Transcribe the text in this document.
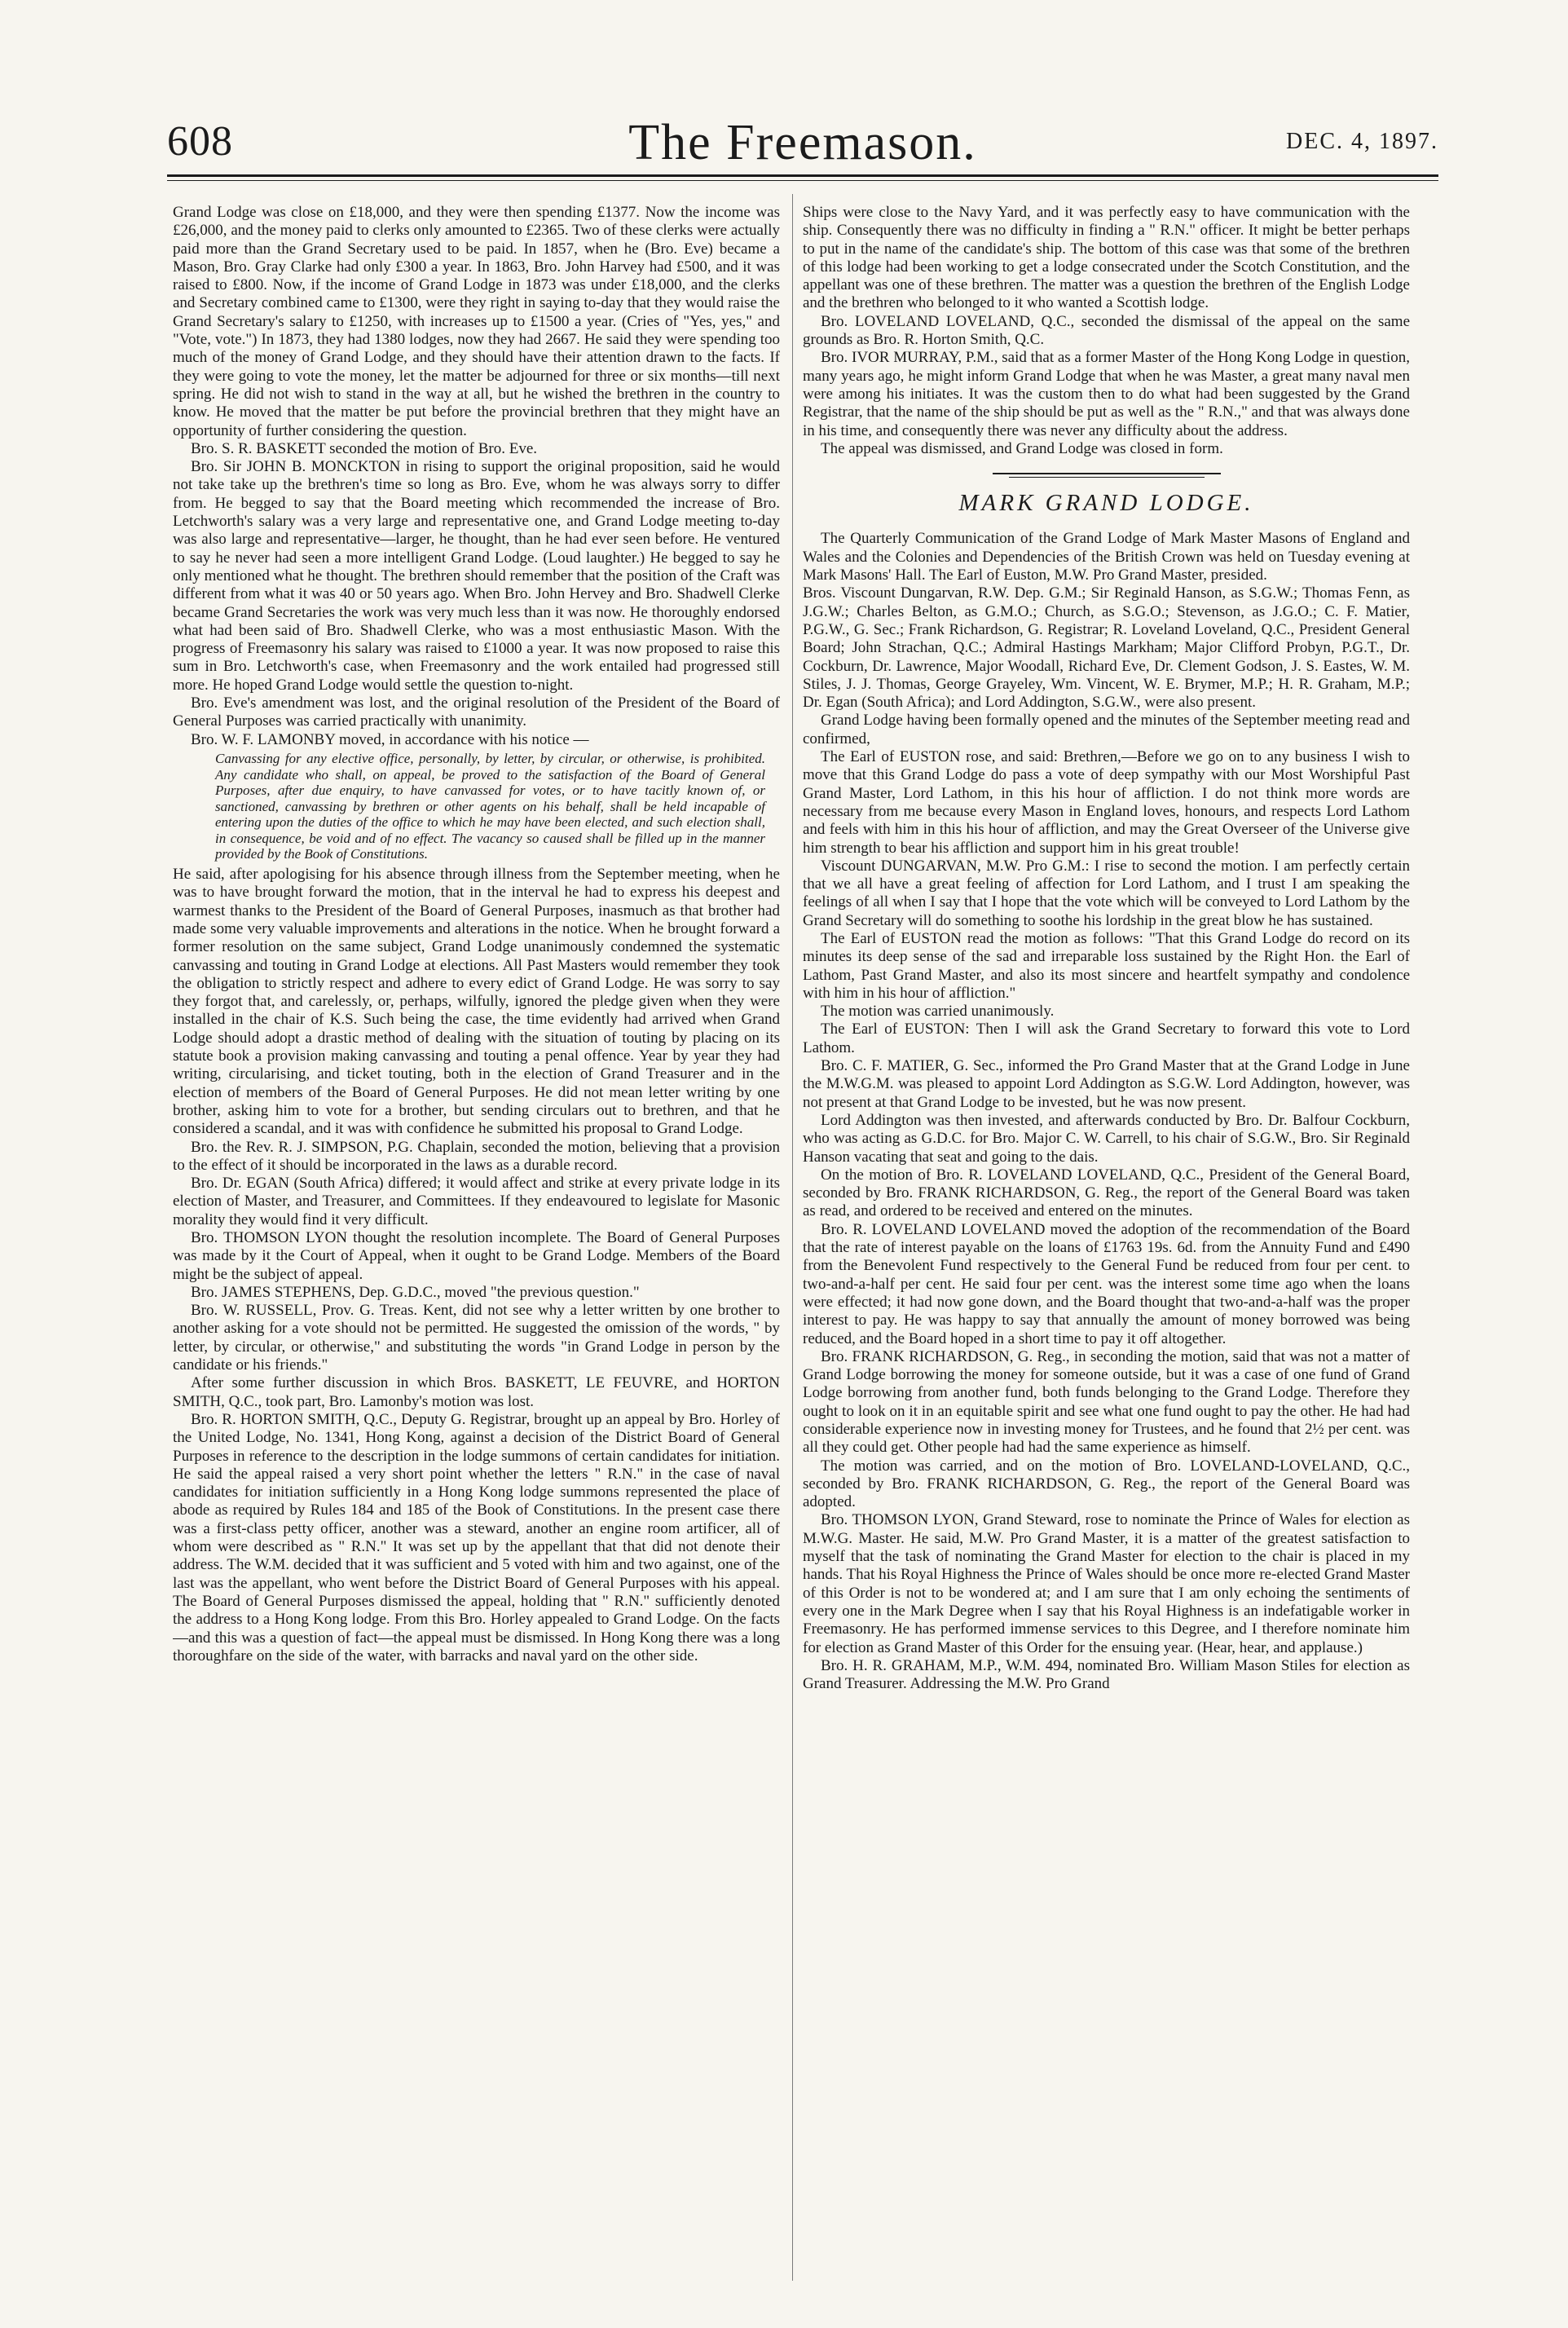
608	The Freemason.	DEC. 4, 1897.

Grand Lodge was close on £18,000, and they were then spending £1377. Now the income was £26,000, and the money paid to clerks only amounted to £2365. Two of these clerks were actually paid more than the Grand Secretary used to be paid. In 1857, when he (Bro. Eve) became a Mason, Bro. Gray Clarke had only £300 a year. In 1863, Bro. John Harvey had £500, and it was raised to £800. Now, if the income of Grand Lodge in 1873 was under £18,000, and the clerks and Secretary combined came to £1300, were they right in saying to-day that they would raise the Grand Secretary's salary to £1250, with increases up to £1500 a year. (Cries of "Yes, yes," and "Vote, vote.") In 1873, they had 1380 lodges, now they had 2667. He said they were spending too much of the money of Grand Lodge, and they should have their attention drawn to the facts. If they were going to vote the money, let the matter be adjourned for three or six months—till next spring. He did not wish to stand in the way at all, but he wished the brethren in the country to know. He moved that the matter be put before the provincial brethren that they might have an opportunity of further considering the question.

Bro. S. R. BASKETT seconded the motion of Bro. Eve.

Bro. Sir JOHN B. MONCKTON in rising to support the original proposition, said he would not take take up the brethren's time so long as Bro. Eve, whom he was always sorry to differ from. He begged to say that the Board meeting which recommended the increase of Bro. Letchworth's salary was a very large and representative one, and Grand Lodge meeting to-day was also large and representative—larger, he thought, than he had ever seen before. He ventured to say he never had seen a more intelligent Grand Lodge. (Loud laughter.) He begged to say he only mentioned what he thought. The brethren should remember that the position of the Craft was different from what it was 40 or 50 years ago. When Bro. John Hervey and Bro. Shadwell Clerke became Grand Secretaries the work was very much less than it was now. He thoroughly endorsed what had been said of Bro. Shadwell Clerke, who was a most enthusiastic Mason. With the progress of Freemasonry his salary was raised to £1000 a year. It was now proposed to raise this sum in Bro. Letchworth's case, when Freemasonry and the work entailed had progressed still more. He hoped Grand Lodge would settle the question to-night.

Bro. Eve's amendment was lost, and the original resolution of the President of the Board of General Purposes was carried practically with unanimity.

Bro. W. F. LAMONBY moved, in accordance with his notice —

Canvassing for any elective office, personally, by letter, by circular, or otherwise, is prohibited. Any candidate who shall, on appeal, be proved to the satisfaction of the Board of General Purposes, after due enquiry, to have canvassed for votes, or to have tacitly known of, or sanctioned, canvassing by brethren or other agents on his behalf, shall be held incapable of entering upon the duties of the office to which he may have been elected, and such election shall, in consequence, be void and of no effect. The vacancy so caused shall be filled up in the manner provided by the Book of Constitutions.

He said, after apologising for his absence through illness from the September meeting, when he was to have brought forward the motion, that in the interval he had to express his deepest and warmest thanks to the President of the Board of General Purposes, inasmuch as that brother had made some very valuable improvements and alterations in the notice. When he brought forward a former resolution on the same subject, Grand Lodge unanimously condemned the systematic canvassing and touting in Grand Lodge at elections. All Past Masters would remember they took the obligation to strictly respect and adhere to every edict of Grand Lodge. He was sorry to say they forgot that, and carelessly, or, perhaps, wilfully, ignored the pledge given when they were installed in the chair of K.S. Such being the case, the time evidently had arrived when Grand Lodge should adopt a drastic method of dealing with the situation of touting by placing on its statute book a provision making canvassing and touting a penal offence. Year by year they had writing, circularising, and ticket touting, both in the election of Grand Treasurer and in the election of members of the Board of General Purposes. He did not mean letter writing by one brother, asking him to vote for a brother, but sending circulars out to brethren, and that he considered a scandal, and it was with confidence he submitted his proposal to Grand Lodge.

Bro. the Rev. R. J. SIMPSON, P.G. Chaplain, seconded the motion, believing that a provision to the effect of it should be incorporated in the laws as a durable record.

Bro. Dr. EGAN (South Africa) differed; it would affect and strike at every private lodge in its election of Master, and Treasurer, and Committees. If they endeavoured to legislate for Masonic morality they would find it very difficult.

Bro. THOMSON LYON thought the resolution incomplete. The Board of General Purposes was made by it the Court of Appeal, when it ought to be Grand Lodge. Members of the Board might be the subject of appeal.

Bro. JAMES STEPHENS, Dep. G.D.C., moved "the previous question."

Bro. W. RUSSELL, Prov. G. Treas. Kent, did not see why a letter written by one brother to another asking for a vote should not be permitted. He suggested the omission of the words, " by letter, by circular, or otherwise," and substituting the words "in Grand Lodge in person by the candidate or his friends."

After some further discussion in which Bros. BASKETT, LE FEUVRE, and HORTON SMITH, Q.C., took part, Bro. Lamonby's motion was lost.

Bro. R. HORTON SMITH, Q.C., Deputy G. Registrar, brought up an appeal by Bro. Horley of the United Lodge, No. 1341, Hong Kong, against a decision of the District Board of General Purposes in reference to the description in the lodge summons of certain candidates for initiation. He said the appeal raised a very short point whether the letters " R.N." in the case of naval candidates for initiation sufficiently in a Hong Kong lodge summons represented the place of abode as required by Rules 184 and 185 of the Book of Constitutions. In the present case there was a first-class petty officer, another was a steward, another an engine room artificer, all of whom were described as " R.N." It was set up by the appellant that that did not denote their address. The W.M. decided that it was sufficient and 5 voted with him and two against, one of the last was the appellant, who went before the District Board of General Purposes with his appeal. The Board of General Purposes dismissed the appeal, holding that " R.N." sufficiently denoted the address to a Hong Kong lodge. From this Bro. Horley appealed to Grand Lodge. On the facts—and this was a question of fact—the appeal must be dismissed. In Hong Kong there was a long thoroughfare on the side of the water, with barracks and naval yard on the other side.

Ships were close to the Navy Yard, and it was perfectly easy to have communication with the ship. Consequently there was no difficulty in finding a " R.N." officer. It might be better perhaps to put in the name of the candidate's ship. The bottom of this case was that some of the brethren of this lodge had been working to get a lodge consecrated under the Scotch Constitution, and the appellant was one of these brethren. The matter was a question the brethren of the English Lodge and the brethren who belonged to it who wanted a Scottish lodge.

Bro. LOVELAND LOVELAND, Q.C., seconded the dismissal of the appeal on the same grounds as Bro. R. Horton Smith, Q.C.

Bro. IVOR MURRAY, P.M., said that as a former Master of the Hong Kong Lodge in question, many years ago, he might inform Grand Lodge that when he was Master, a great many naval men were among his initiates. It was the custom then to do what had been suggested by the Grand Registrar, that the name of the ship should be put as well as the " R.N.," and that was always done in his time, and consequently there was never any difficulty about the address.

The appeal was dismissed, and Grand Lodge was closed in form.

MARK GRAND LODGE.

The Quarterly Communication of the Grand Lodge of Mark Master Masons of England and Wales and the Colonies and Dependencies of the British Crown was held on Tuesday evening at Mark Masons' Hall. The Earl of Euston, M.W. Pro Grand Master, presided.

Bros. Viscount Dungarvan, R.W. Dep. G.M.; Sir Reginald Hanson, as S.G.W.; Thomas Fenn, as J.G.W.; Charles Belton, as G.M.O.; Church, as S.G.O.; Stevenson, as J.G.O.; C. F. Matier, P.G.W., G. Sec.; Frank Richardson, G. Registrar; R. Loveland Loveland, Q.C., President General Board; John Strachan, Q.C.; Admiral Hastings Markham; Major Clifford Probyn, P.G.T., Dr. Cockburn, Dr. Lawrence, Major Woodall, Richard Eve, Dr. Clement Godson, J. S. Eastes, W. M. Stiles, J. J. Thomas, George Grayeley, Wm. Vincent, W. E. Brymer, M.P.; H. R. Graham, M.P.; Dr. Egan (South Africa); and Lord Addington, S.G.W., were also present.

Grand Lodge having been formally opened and the minutes of the September meeting read and confirmed,

The Earl of EUSTON rose, and said: Brethren,—Before we go on to any business I wish to move that this Grand Lodge do pass a vote of deep sympathy with our Most Worshipful Past Grand Master, Lord Lathom, in this his hour of affliction. I do not think more words are necessary from me because every Mason in England loves, honours, and respects Lord Lathom and feels with him in this his hour of affliction, and may the Great Overseer of the Universe give him strength to bear his affliction and support him in his great trouble!

Viscount DUNGARVAN, M.W. Pro G.M.: I rise to second the motion. I am perfectly certain that we all have a great feeling of affection for Lord Lathom, and I trust I am speaking the feelings of all when I say that I hope that the vote which will be conveyed to Lord Lathom by the Grand Secretary will do something to soothe his lordship in the great blow he has sustained.

The Earl of EUSTON read the motion as follows: "That this Grand Lodge do record on its minutes its deep sense of the sad and irreparable loss sustained by the Right Hon. the Earl of Lathom, Past Grand Master, and also its most sincere and heartfelt sympathy and condolence with him in his hour of affliction."

The motion was carried unanimously.

The Earl of EUSTON: Then I will ask the Grand Secretary to forward this vote to Lord Lathom.

Bro. C. F. MATIER, G. Sec., informed the Pro Grand Master that at the Grand Lodge in June the M.W.G.M. was pleased to appoint Lord Addington as S.G.W. Lord Addington, however, was not present at that Grand Lodge to be invested, but he was now present.

Lord Addington was then invested, and afterwards conducted by Bro. Dr. Balfour Cockburn, who was acting as G.D.C. for Bro. Major C. W. Carrell, to his chair of S.G.W., Bro. Sir Reginald Hanson vacating that seat and going to the dais.

On the motion of Bro. R. LOVELAND LOVELAND, Q.C., President of the General Board, seconded by Bro. FRANK RICHARDSON, G. Reg., the report of the General Board was taken as read, and ordered to be received and entered on the minutes.

Bro. R. LOVELAND LOVELAND moved the adoption of the recommendation of the Board that the rate of interest payable on the loans of £1763 19s. 6d. from the Annuity Fund and £490 from the Benevolent Fund respectively to the General Fund be reduced from four per cent. to two-and-a-half per cent. He said four per cent. was the interest some time ago when the loans were effected; it had now gone down, and the Board thought that two-and-a-half was the proper interest to pay. He was happy to say that annually the amount of money borrowed was being reduced, and the Board hoped in a short time to pay it off altogether.

Bro. FRANK RICHARDSON, G. Reg., in seconding the motion, said that was not a matter of Grand Lodge borrowing the money for someone outside, but it was a case of one fund of Grand Lodge borrowing from another fund, both funds belonging to the Grand Lodge. Therefore they ought to look on it in an equitable spirit and see what one fund ought to pay the other. He had had considerable experience now in investing money for Trustees, and he found that 2½ per cent. was all they could get. Other people had had the same experience as himself.

The motion was carried, and on the motion of Bro. LOVELAND-LOVELAND, Q.C., seconded by Bro. FRANK RICHARDSON, G. Reg., the report of the General Board was adopted.

Bro. THOMSON LYON, Grand Steward, rose to nominate the Prince of Wales for election as M.W.G. Master. He said, M.W. Pro Grand Master, it is a matter of the greatest satisfaction to myself that the task of nominating the Grand Master for election to the chair is placed in my hands. That his Royal Highness the Prince of Wales should be once more re-elected Grand Master of this Order is not to be wondered at; and I am sure that I am only echoing the sentiments of every one in the Mark Degree when I say that his Royal Highness is an indefatigable worker in Freemasonry. He has performed immense services to this Degree, and I therefore nominate him for election as Grand Master of this Order for the ensuing year. (Hear, hear, and applause.)

Bro. H. R. GRAHAM, M.P., W.M. 494, nominated Bro. William Mason Stiles for election as Grand Treasurer. Addressing the M.W. Pro Grand
